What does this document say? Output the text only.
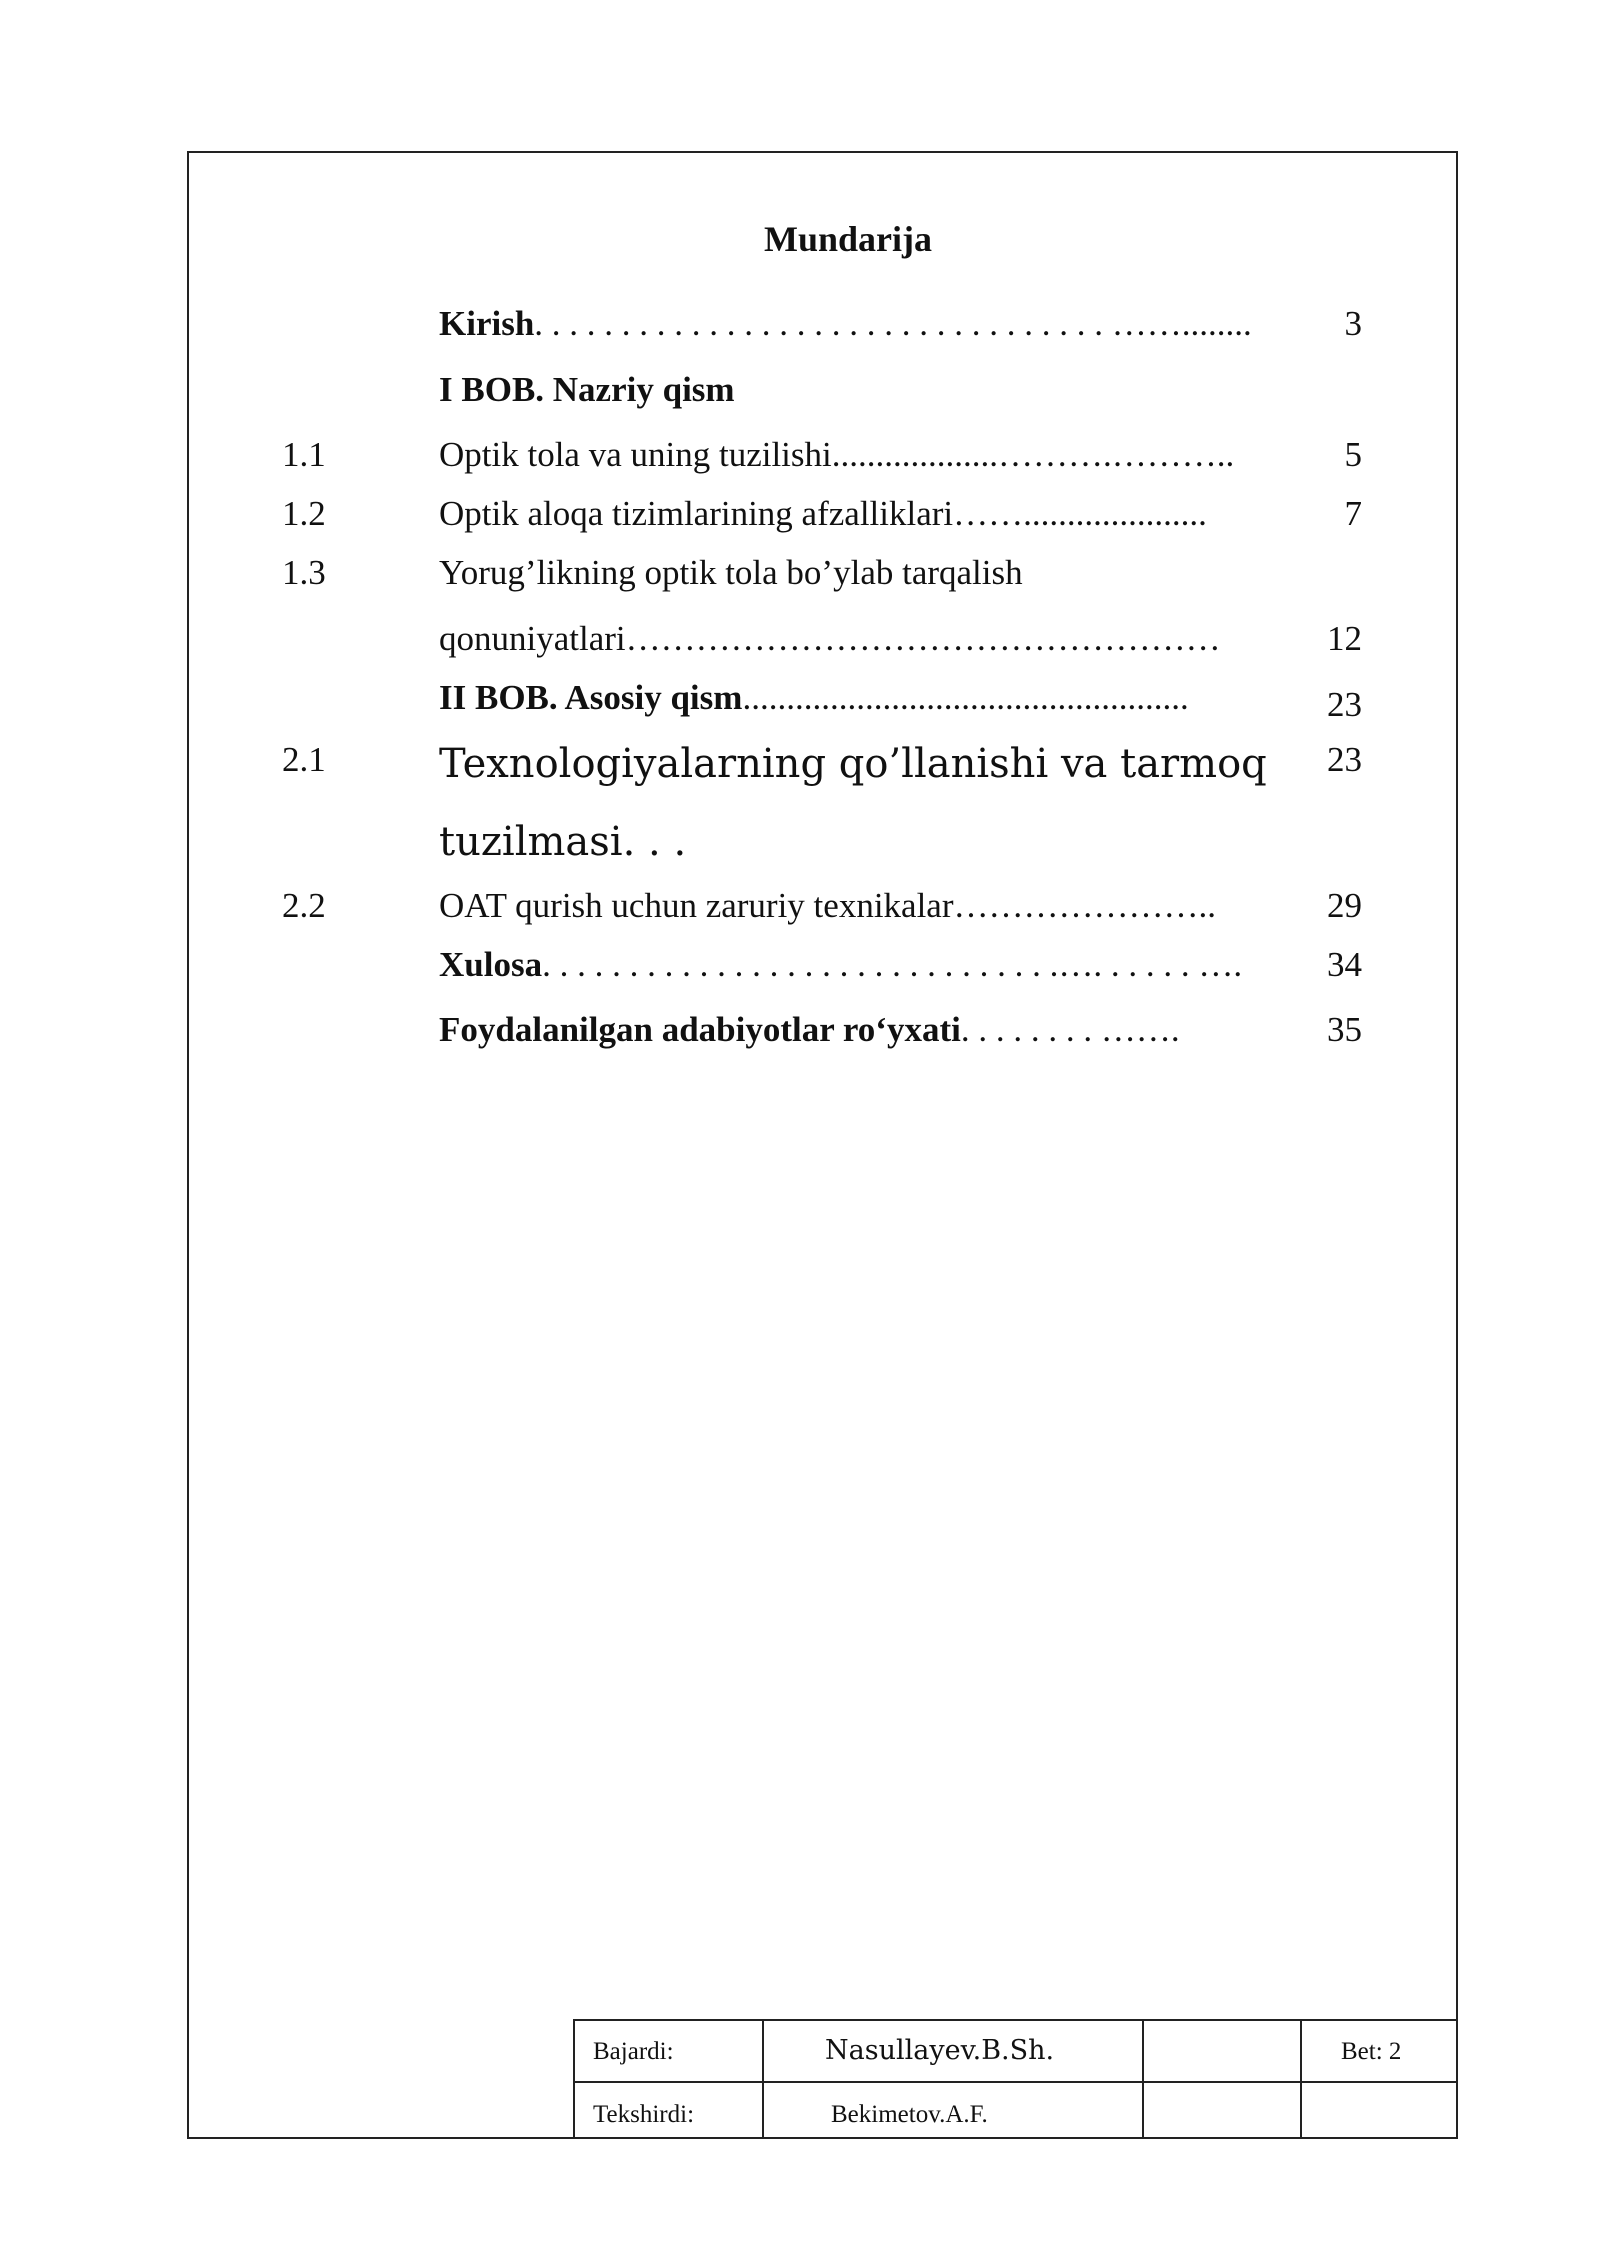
Mundarija
Kirish. . . . . . . . . . . . . . . . . . . . . . . . . . . . . . . . . ……........	3
I BOB. Nazriy qism
1.1	Optik tola va uning tuzilishi...................……….………..	5
1.2	Optik aloqa tizimlarining afzalliklari…….....................	7
1.3	Yorug’likning optik tola bo’ylab tarqalish
qonuniyatlari……………………………………………	12
II BOB. Asosiy qism...................................................	23
2.1	Texnologiyalarning qo’llanishi va tarmoq	23
tuzilmasi. . .
2.2	OAT qurish uchun zaruriy texnikalar…………………..	29
Xulosa. . . . . . . . . . . . . . . . . . . . . . . . . . . . . .…. . . . . . ….	34
Foydalanilgan adabiyotlar ro‘yxati. . . . . . . . …….	35
Bajardi:	Nasullayev.B.Sh.	Bet: 2
Tekshirdi:	Bekimetov.A.F.
